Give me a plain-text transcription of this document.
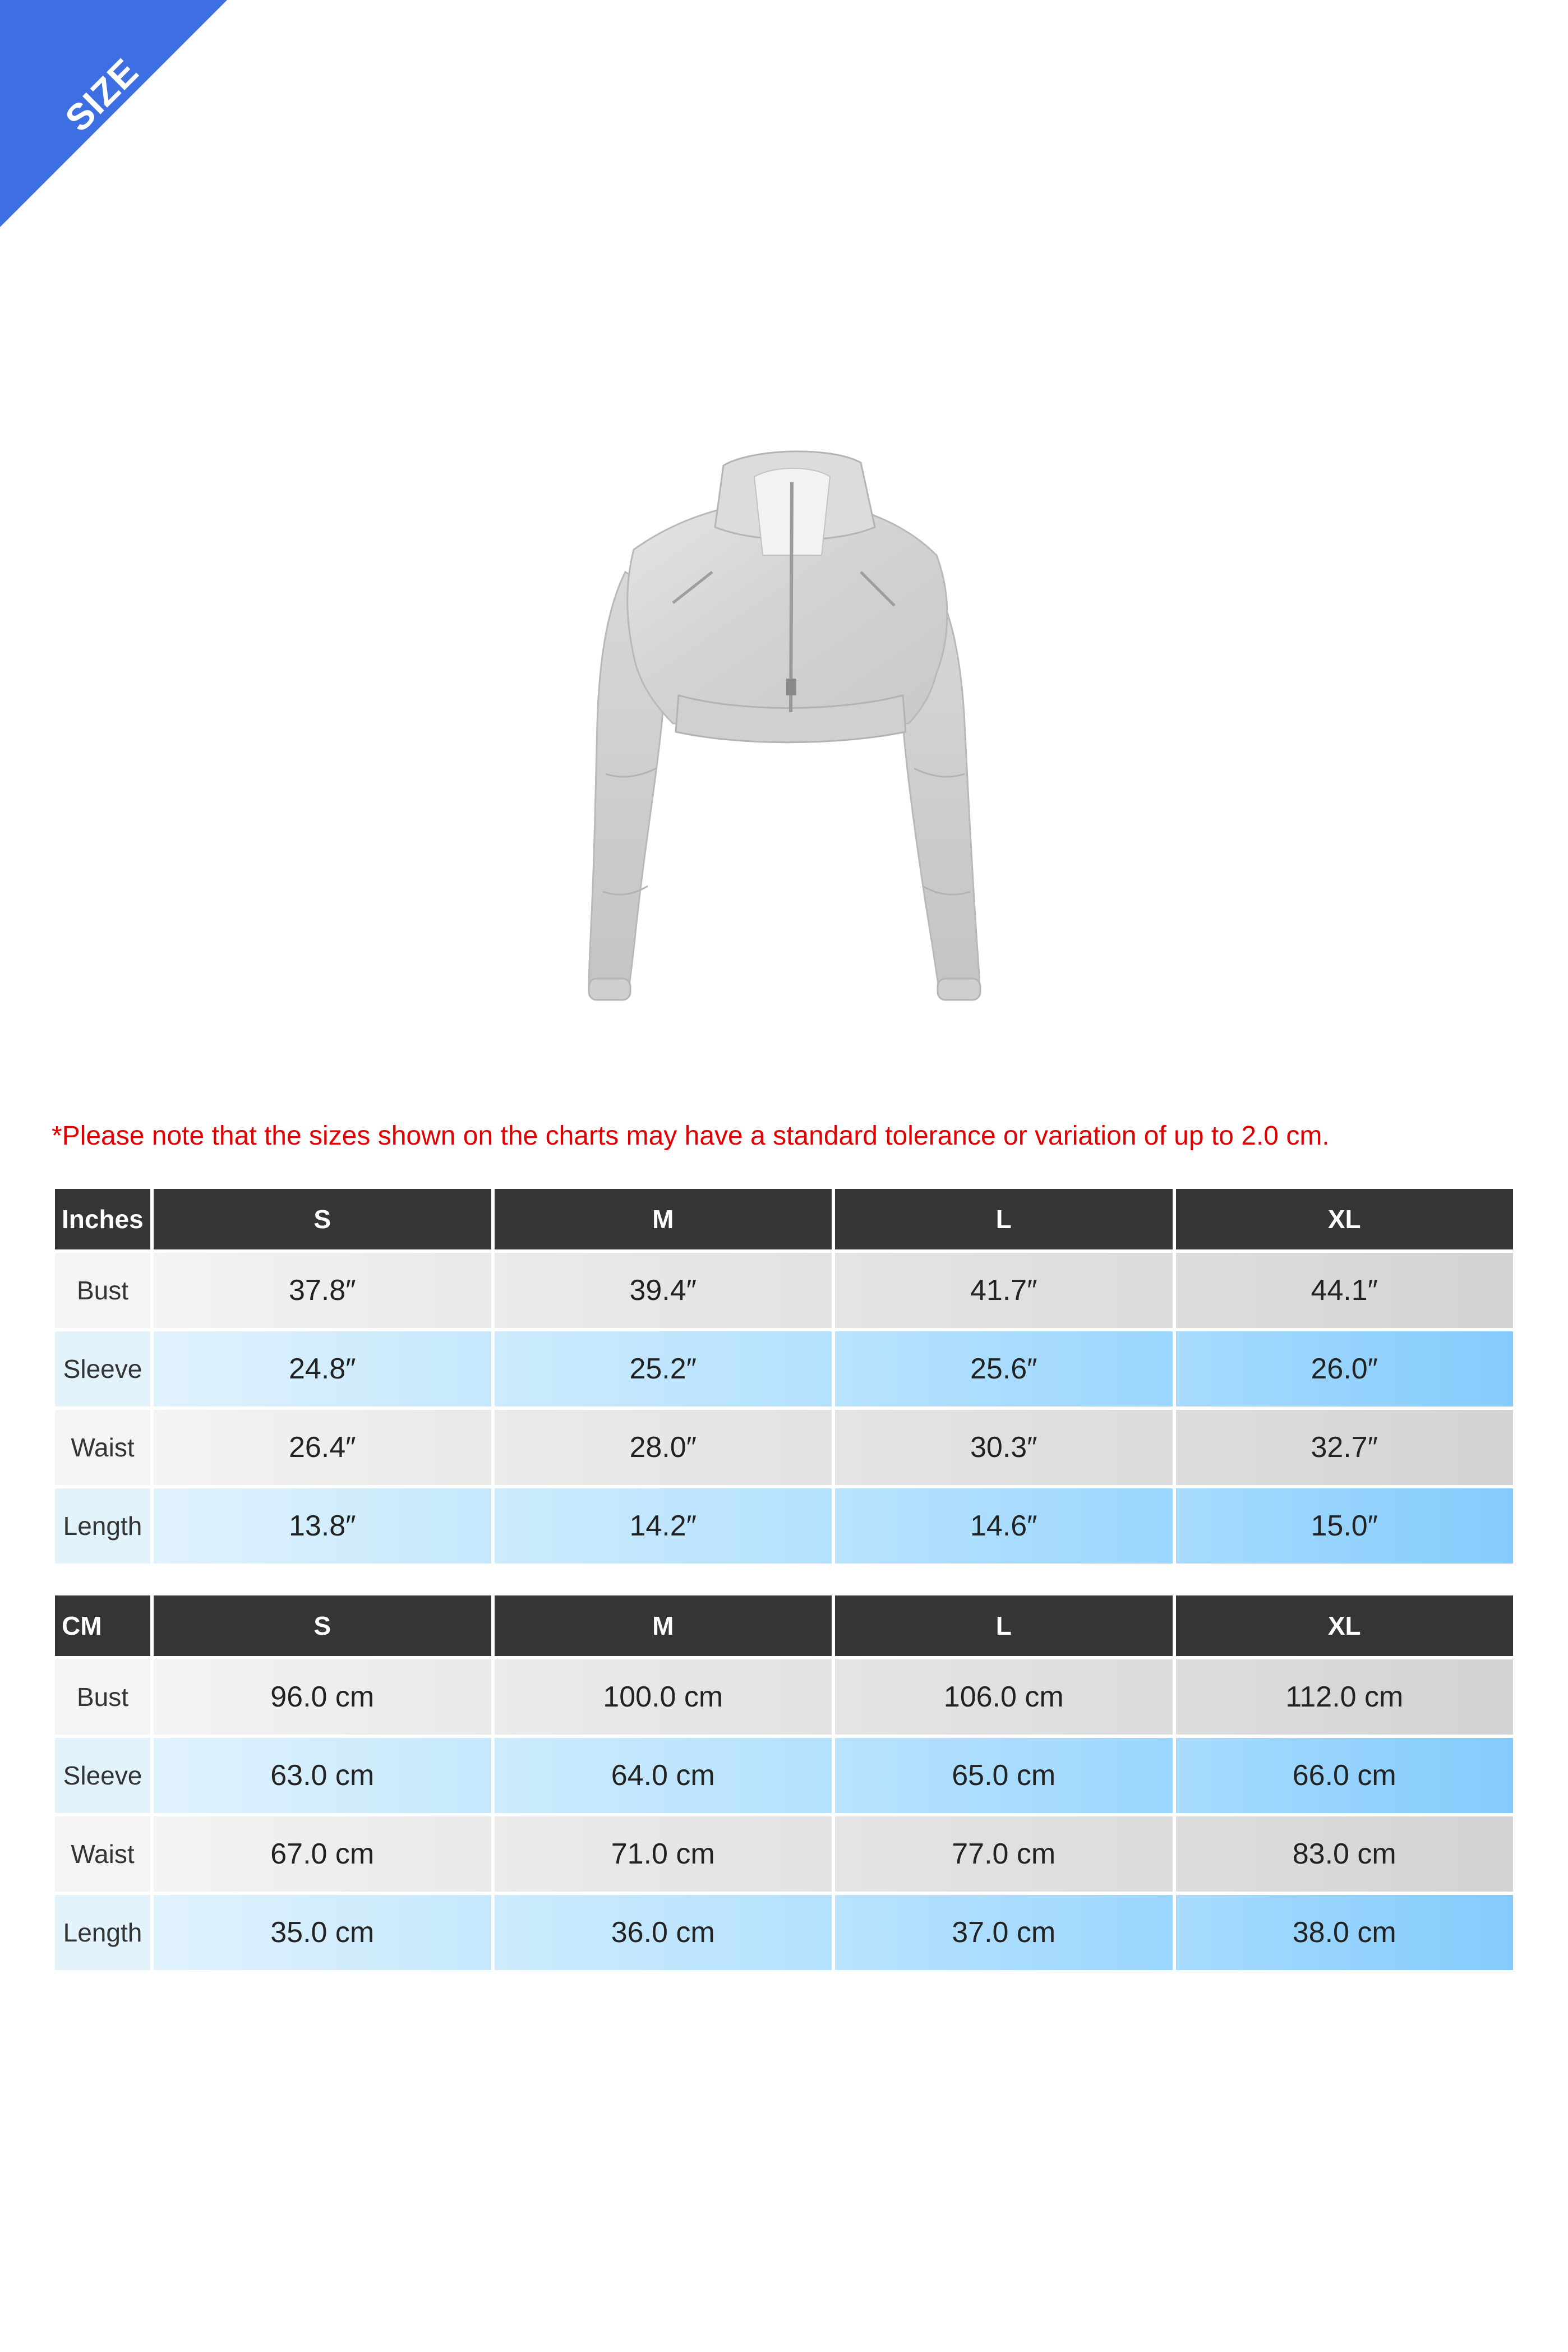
SIZE CHART
*Please note that the sizes shown on the charts may have a standard tolerance or variation of up to 2.0 cm.
Inches	S	M	L	XL
Bust	37.8″	39.4″	41.7″	44.1″
Sleeve	24.8″	25.2″	25.6″	26.0″
Waist	26.4″	28.0″	30.3″	32.7″
Length	13.8″	14.2″	14.6″	15.0″
CM	S	M	L	XL
Bust	96.0 cm	100.0 cm	106.0 cm	112.0 cm
Sleeve	63.0 cm	64.0 cm	65.0 cm	66.0 cm
Waist	67.0 cm	71.0 cm	77.0 cm	83.0 cm
Length	35.0 cm	36.0 cm	37.0 cm	38.0 cm
